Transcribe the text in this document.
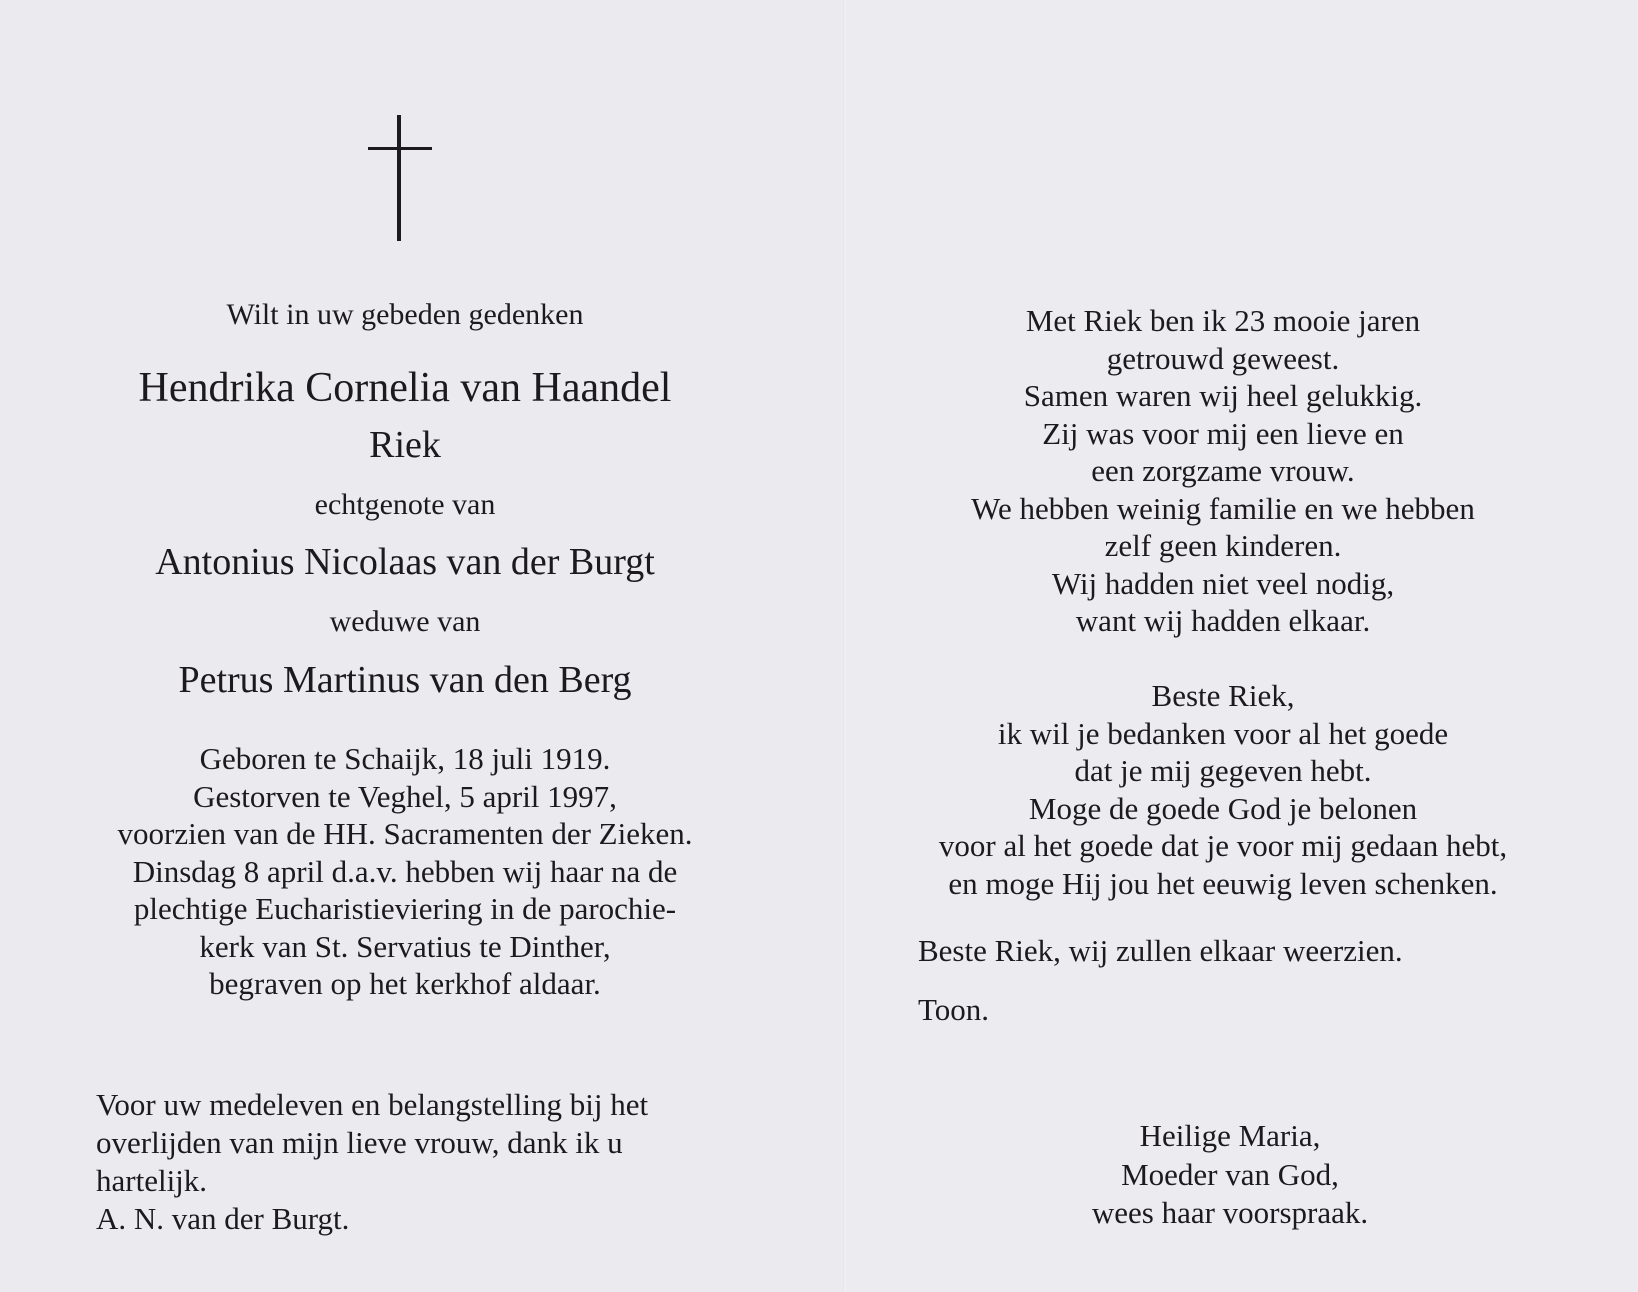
Wilt in uw gebeden gedenken
Hendrika Cornelia van Haandel
Riek
echtgenote van
Antonius Nicolaas van der Burgt
weduwe van
Petrus Martinus van den Berg
Geboren te Schaijk, 18 juli 1919.
Gestorven te Veghel, 5 april 1997,
voorzien van de HH. Sacramenten der Zieken.
Dinsdag 8 april d.a.v. hebben wij haar na de
plechtige Eucharistieviering in de parochie-
kerk van St. Servatius te Dinther,
begraven op het kerkhof aldaar.
Voor uw medeleven en belangstelling bij het
overlijden van mijn lieve vrouw, dank ik u
hartelijk.
A. N. van der Burgt.
Met Riek ben ik 23 mooie jaren
getrouwd geweest.
Samen waren wij heel gelukkig.
Zij was voor mij een lieve en
een zorgzame vrouw.
We hebben weinig familie en we hebben
zelf geen kinderen.
Wij hadden niet veel nodig,
want wij hadden elkaar.
Beste Riek,
ik wil je bedanken voor al het goede
dat je mij gegeven hebt.
Moge de goede God je belonen
voor al het goede dat je voor mij gedaan hebt,
en moge Hij jou het eeuwig leven schenken.
Beste Riek, wij zullen elkaar weerzien.
Toon.
Heilige Maria,
Moeder van God,
wees haar voorspraak.
